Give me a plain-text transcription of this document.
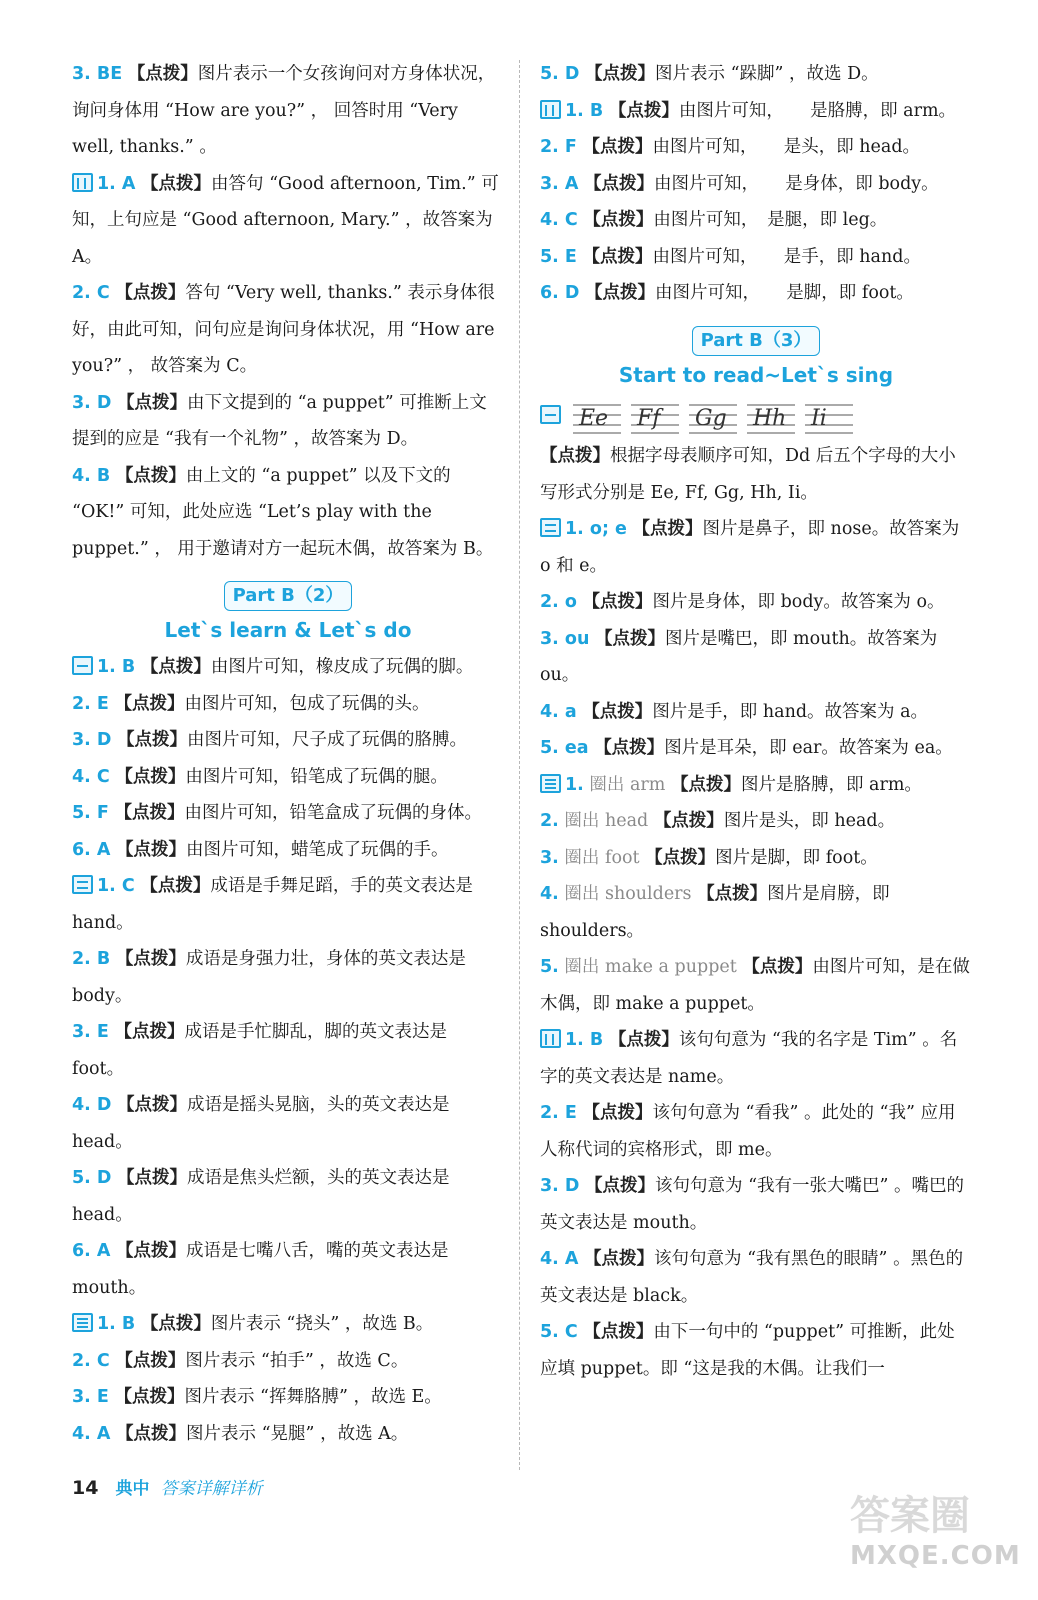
3. BE 【点拨】图片表示一个女孩询问对方身体状况，询问身体用 “How are you?” ， 回答时用 “Very well, thanks.” 。

1. A 【点拨】由答句 “Good afternoon, Tim.” 可知，上句应是 “Good afternoon, Mary.” ，故答案为 A。

2. C 【点拨】答句 “Very well, thanks.” 表示身体很好，由此可知，问句应是询问身体状况，用 “How are you?” ， 故答案为 C。

3. D 【点拨】由下文提到的 “a puppet” 可推断上文提到的应是 “我有一个礼物” ，故答案为 D。

4. B 【点拨】由上文的 “a puppet” 以及下文的 “OK!” 可知，此处应选 “Let’s play with the puppet.” ， 用于邀请对方一起玩木偶，故答案为 B。

Part B（2）
Let`s learn & Let`s do

1. B 【点拨】由图片可知，橡皮成了玩偶的脚。

2. E 【点拨】由图片可知，包成了玩偶的头。

3. D 【点拨】由图片可知，尺子成了玩偶的胳膊。

4. C 【点拨】由图片可知，铅笔成了玩偶的腿。

5. F 【点拨】由图片可知，铅笔盒成了玩偶的身体。

6. A 【点拨】由图片可知，蜡笔成了玩偶的手。

1. C 【点拨】成语是手舞足蹈，手的英文表达是 hand。

2. B 【点拨】成语是身强力壮，身体的英文表达是 body。

3. E 【点拨】成语是手忙脚乱，脚的英文表达是 foot。

4. D 【点拨】成语是摇头晃脑，头的英文表达是 head。

5. D 【点拨】成语是焦头烂额，头的英文表达是 head。

6. A 【点拨】成语是七嘴八舌，嘴的英文表达是 mouth。

1. B 【点拨】图片表示 “挠头” ，故选 B。

2. C 【点拨】图片表示 “拍手” ，故选 C。

3. E 【点拨】图片表示 “挥舞胳膊” ，故选 E。

4. A 【点拨】图片表示 “晃腿” ，故选 A。

5. D 【点拨】图片表示 “跺脚” ，故选 D。

1. B 【点拨】由图片可知，　　是胳膊，即 arm。

2. F 【点拨】由图片可知，　　是头，即 head。

3. A 【点拨】由图片可知，　　是身体，即 body。

4. C 【点拨】由图片可知，　是腿，即 leg。

5. E 【点拨】由图片可知，　　是手，即 hand。

6. D 【点拨】由图片可知，　　是脚，即 foot。

Part B（3）
Start to read~Let`s sing

Ee Ff Gg Hh Ii

【点拨】根据字母表顺序可知，Dd 后五个字母的大小写形式分别是 Ee, Ff, Gg, Hh, Ii。

1. o; e 【点拨】图片是鼻子，即 nose。故答案为 o 和 e。

2. o 【点拨】图片是身体，即 body。故答案为 o。

3. ou 【点拨】图片是嘴巴，即 mouth。故答案为 ou。

4. a 【点拨】图片是手，即 hand。故答案为 a。

5. ea 【点拨】图片是耳朵，即 ear。故答案为 ea。

1. 圈出 arm 【点拨】图片是胳膊，即 arm。

2. 圈出 head 【点拨】图片是头，即 head。

3. 圈出 foot 【点拨】图片是脚，即 foot。

4. 圈出 shoulders 【点拨】图片是肩膀，即 shoulders。

5. 圈出 make a puppet 【点拨】由图片可知，是在做木偶，即 make a puppet。

1. B 【点拨】该句句意为 “我的名字是 Tim” 。名字的英文表达是 name。

2. E 【点拨】该句句意为 “看我” 。此处的 “我” 应用人称代词的宾格形式，即 me。

3. D 【点拨】该句句意为 “我有一张大嘴巴” 。嘴巴的英文表达是 mouth。

4. A 【点拨】该句句意为 “我有黑色的眼睛” 。黑色的英文表达是 black。

5. C 【点拨】由下一句中的 “puppet” 可推断，此处应填 puppet。即 “这是我的木偶。让我们一

14 典中 答案详解详析
答案圈
MXQE.COM
